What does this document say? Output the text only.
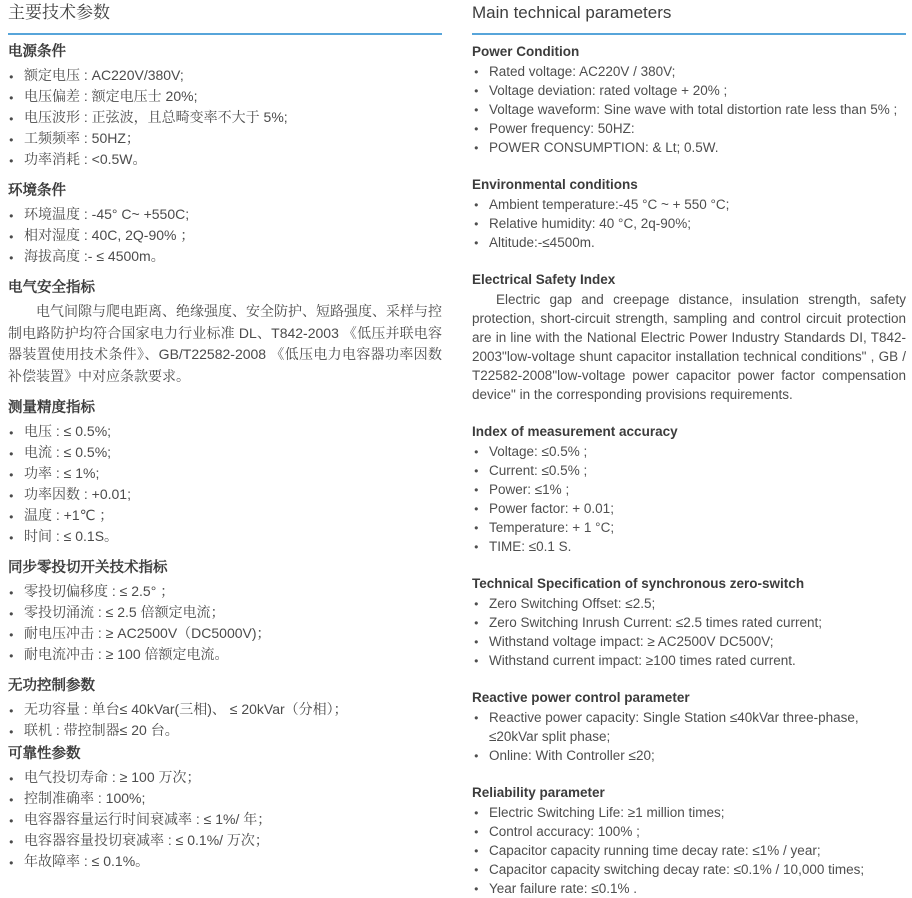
主要技术参数
电源条件
● 额定电压 : AC220V/380V;
● 电压偏差 : 额定电压士 20%;
● 电压波形 : 正弦波，且总畸变率不大于 5%;
● 工频频率 : 50HZ；
● 功率消耗 : <0.5W。
环境条件
● 环境温度 : -45° C~ +550C;
● 相对湿度 : 40C, 2Q-90% ；
● 海拔高度 :- ≤ 4500m。
电气安全指标

电气间隙与爬电距离、绝缘强度、安全防护、短路强度、采样与控制电路防护均符合国家电力行业标准 DL、T842-2003 《低压并联电容器装置使用技术条件》、GB/T22582-2008 《低压电力电容器功率因数补偿装置》中对应条款要求。

测量精度指标
● 电压 : ≤ 0.5%;
● 电流 : ≤ 0.5%;
● 功率 : ≤ 1%;
● 功率因数 : +0.01;
● 温度 : +1℃ ；
● 时间 : ≤ 0.1S。
同步零投切开关技术指标
● 零投切偏移度 : ≤ 2.5° ；
● 零投切涌流 : ≤ 2.5 倍额定电流；
● 耐电压冲击 : ≥ AC2500V（DC5000V)；
● 耐电流冲击 : ≥ 100 倍额定电流。
无功控制参数
● 无功容量 : 单台≤ 40kVar(三相)、 ≤ 20kVar（分相）；
● 联机 : 带控制器≤ 20 台。
可靠性参数
● 电气投切寿命 : ≥ 100 万次；
● 控制准确率 : 100%;
● 电容器容量运行时间衰减率 : ≤ 1%/ 年；
● 电容器容量投切衰减率 : ≤ 0.1%/ 万次；
● 年故障率 : ≤ 0.1%。
Main technical parameters
Power Condition
● Rated voltage: AC220V / 380V;
● Voltage deviation: rated voltage + 20% ;
● Voltage waveform: Sine wave with total distortion rate less than 5% ;
● Power frequency: 50HZ:
● POWER CONSUMPTION: & Lt; 0.5W.
Environmental conditions
● Ambient temperature:-45 °C ~ + 550 °C;
● Relative humidity: 40 °C, 2q-90%;
● Altitude:-≤4500m.
Electrical Safety Index

Electric gap and creepage distance, insulation strength, safety protection, short-circuit strength, sampling and control circuit protection are in line with the National Electric Power Industry Standards DI, T842-2003"low-voltage shunt capacitor installation technical conditions" , GB / T22582-2008"low-voltage power capacitor power factor compensation device" in the corresponding provisions requirements.

Index of measurement accuracy
● Voltage: ≤0.5% ;
● Current: ≤0.5% ;
● Power: ≤1% ;
● Power factor: + 0.01;
● Temperature: + 1 °C;
● TIME: ≤0.1 S.
Technical Specification of synchronous zero-switch
● Zero Switching Offset: ≤2.5;
● Zero Switching Inrush Current: ≤2.5 times rated current;
● Withstand voltage impact: ≥ AC2500V DC500V;
● Withstand current impact: ≥100 times rated current.
Reactive power control parameter
● Reactive power capacity: Single Station ≤40kVar three-phase, ≤20kVar split phase;
● Online: With Controller ≤20;
Reliability parameter
● Electric Switching Life: ≥1 million times;
● Control accuracy: 100% ;
● Capacitor capacity running time decay rate: ≤1% / year;
● Capacitor capacity switching decay rate: ≤0.1% / 10,000 times;
● Year failure rate: ≤0.1% .
